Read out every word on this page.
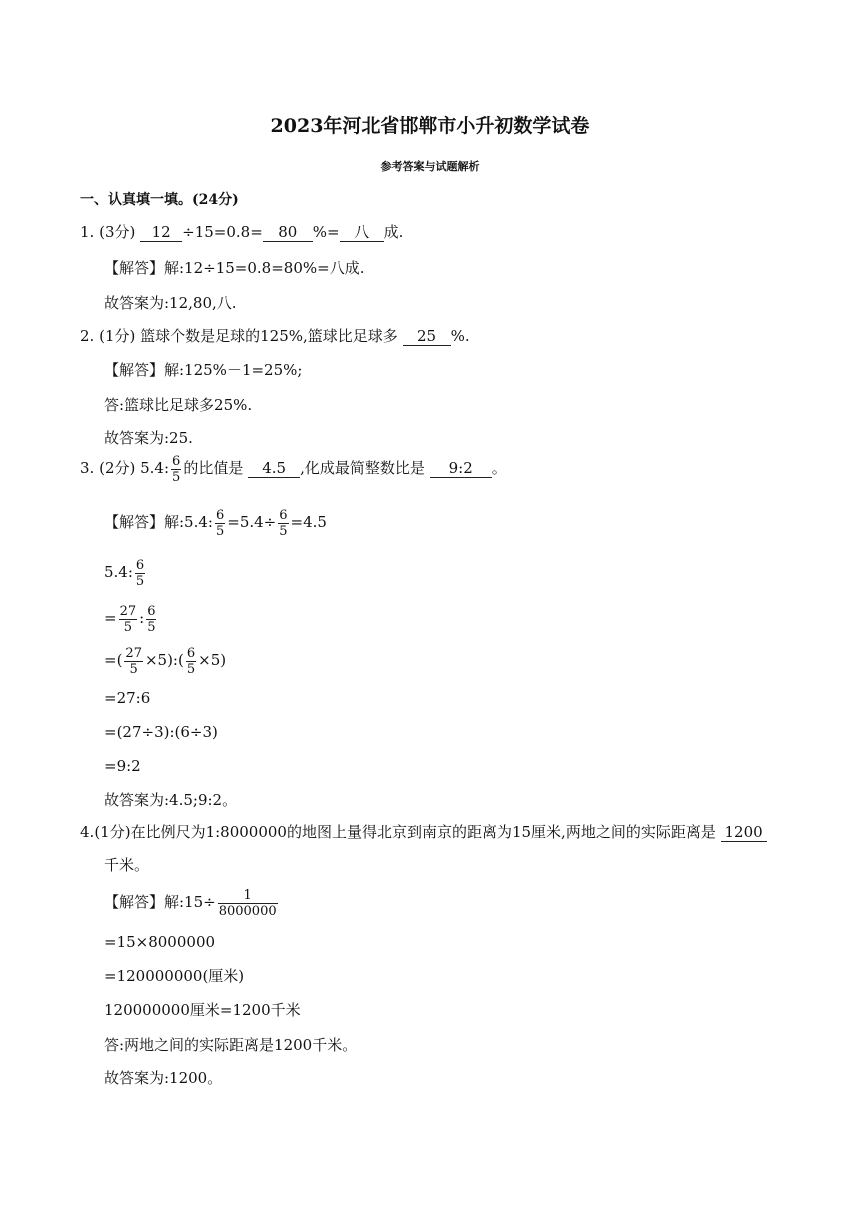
2023年河北省邯郸市小升初数学试卷
参考答案与试题解析
一、认真填一填。(24分)
1. (3分) 12 ÷15=0.8= 80 %= 八 成.
【解答】解:12÷15=0.8=80%=八成.
故答案为:12,80,八.
2. (1分) 篮球个数是足球的125%,篮球比足球多 25 %.
【解答】解:125%－1=25%;
答:篮球比足球多25%.
故答案为:25.
3. (2分) 5.4: $\frac{6}{5}$ 的比值是 4.5 ,化成最简整数比是 9:2 。
【解答】解:5.4: $\frac{6}{5} =5.4\div \frac{6}{5} =4.5$
5.4: $\frac{6}{5}$
= $\frac{27}{5}$ : $\frac{6}{5}$
=( $\frac{27}{5}$ ×5):( $\frac{6}{5} \times 5$)
=27:6
=(27÷3):(6÷3)
=9:2
故答案为:4.5;9:2。
4.(1分)在比例尺为1:8000000的地图上量得北京到南京的距离为15厘米,两地之间的实际距离是 1200
千米。
【解答】解:15÷ $\frac{1}{8000000}$
=15×8000000
=120000000(厘米)
120000000厘米=1200千米
答:两地之间的实际距离是1200千米。
故答案为:1200。
